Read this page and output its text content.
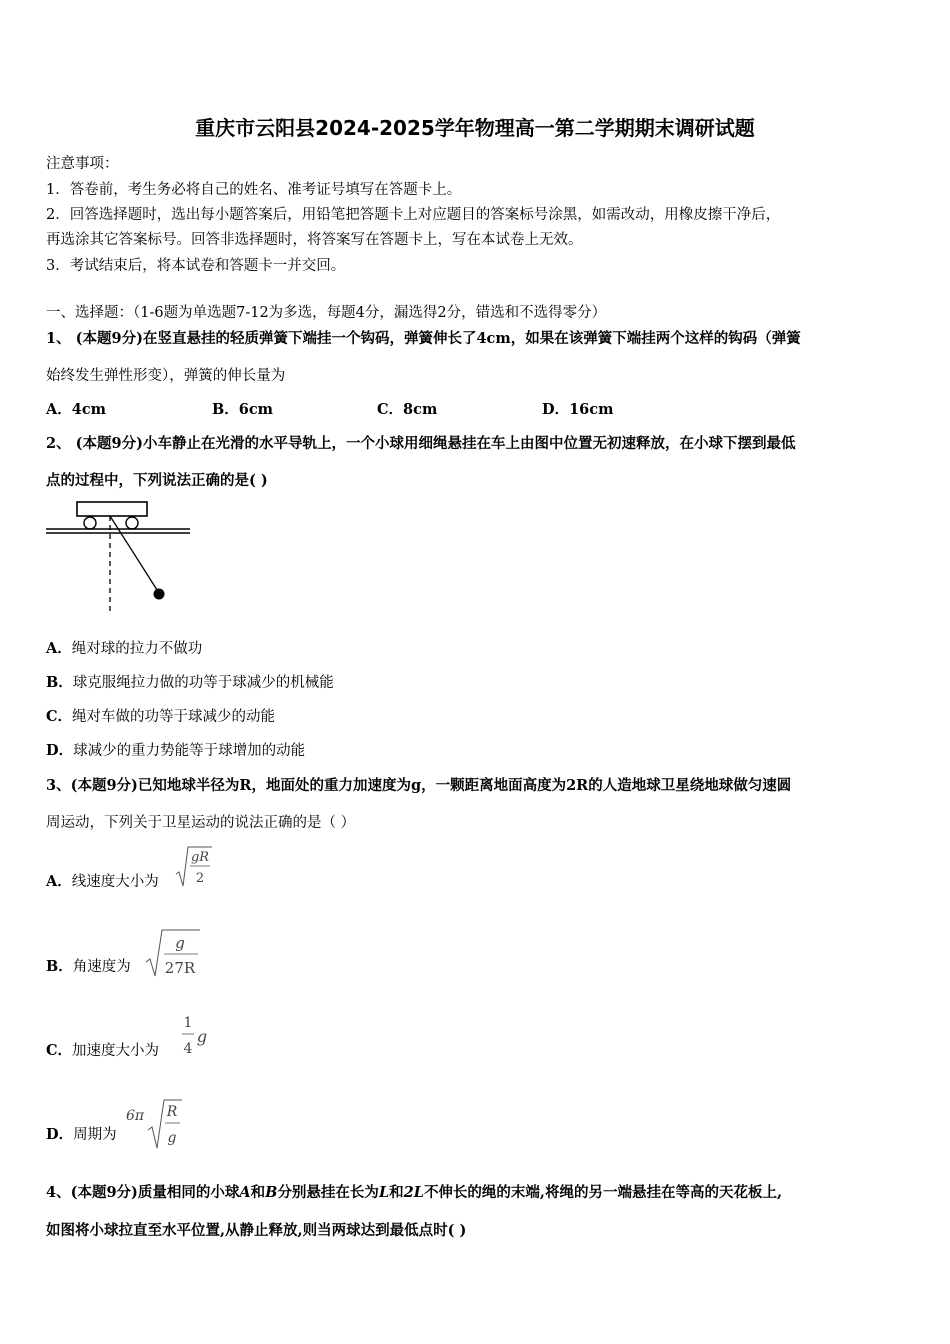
重庆市云阳县2024-2025学年物理高一第二学期期末调研试题
注意事项：
1．答卷前，考生务必将自己的姓名、准考证号填写在答题卡上。
2．回答选择题时，选出每小题答案后，用铅笔把答题卡上对应题目的答案标号涂黑，如需改动，用橡皮擦干净后，
再选涂其它答案标号。回答非选择题时，将答案写在答题卡上，写在本试卷上无效。
3．考试结束后，将本试卷和答题卡一并交回。
一、选择题：（1-6题为单选题7-12为多选，每题4分，漏选得2分，错选和不选得零分）
1、 (本题9分)在竖直悬挂的轻质弹簧下端挂一个钩码，弹簧伸长了4cm，如果在该弹簧下端挂两个这样的钩码（弹簧
始终发生弹性形变），弹簧的伸长量为
A．4cm	B．6cm	C．8cm	D．16cm
2、 (本题9分)小车静止在光滑的水平导轨上，一个小球用细绳悬挂在车上由图中位置无初速释放，在小球下摆到最低
点的过程中，下列说法正确的是( )
A．绳对球的拉力不做功
B．球克服绳拉力做的功等于球减少的机械能
C．绳对车做的功等于球减少的动能
D．球减少的重力势能等于球增加的动能
3、(本题9分)已知地球半径为R，地面处的重力加速度为g，一颗距离地面高度为2R的人造地球卫星绕地球做匀速圆
周运动，下列关于卫星运动的说法正确的是（ ）
A．线速度大小为
gR
2
B．角速度为
g
27R
C．加速度大小为
1
4
g
D．周期为
6π R
g
4、(本题9分)质量相同的小球A和B分别悬挂在长为L和2L不伸长的绳的末端,将绳的另一端悬挂在等高的天花板上,
如图将小球拉直至水平位置,从静止释放,则当两球达到最低点时( )
